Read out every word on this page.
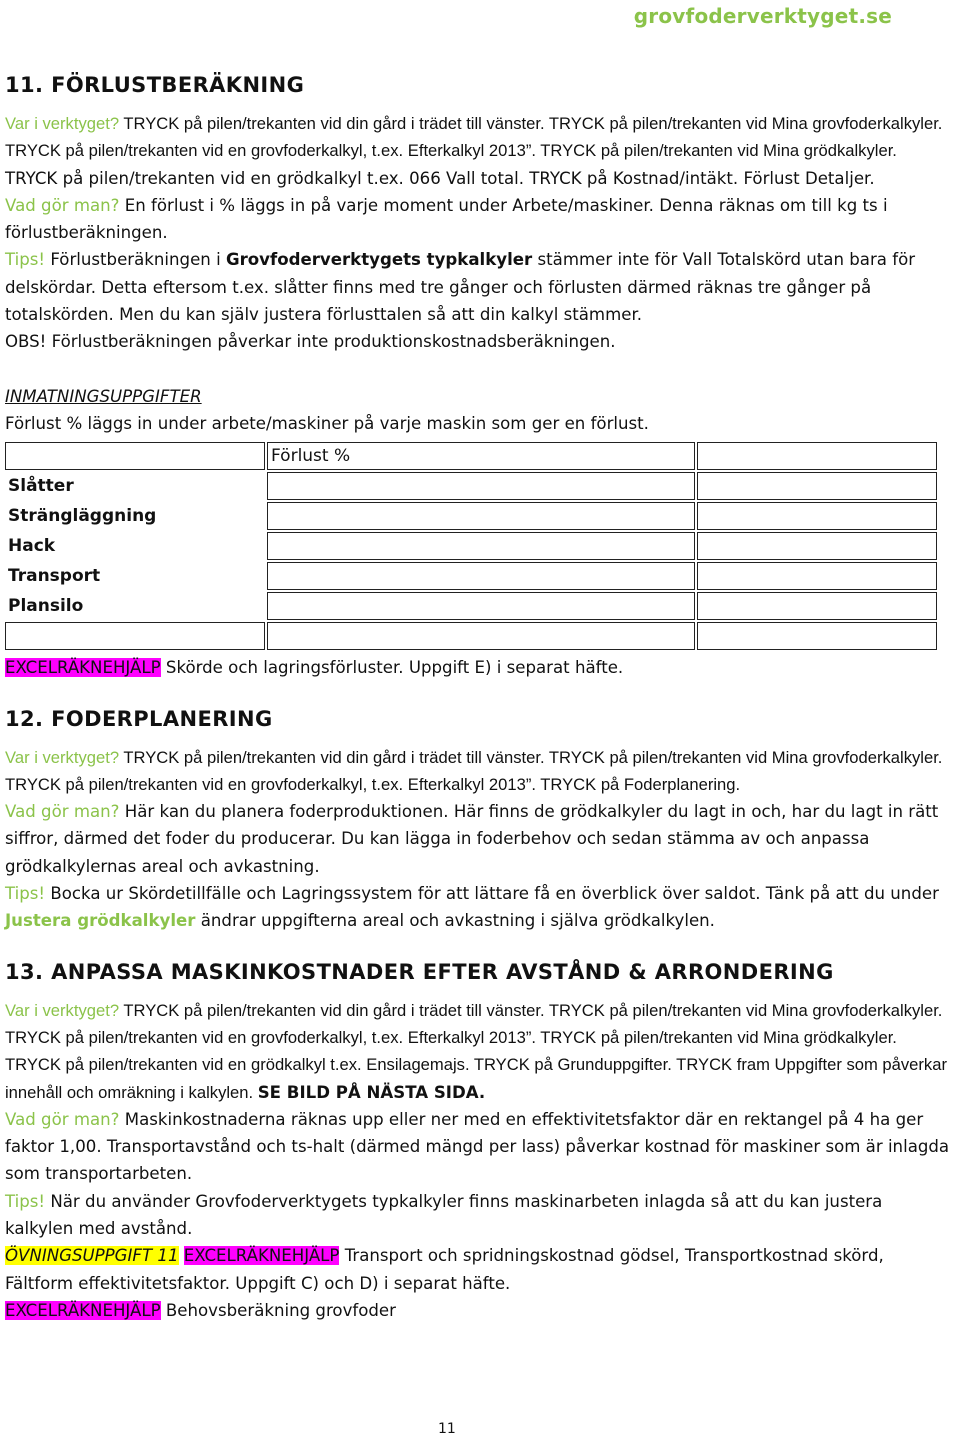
grovfoderverktyget.se
11. FÖRLUSTBERÄKNING

Var i verktyget? TRYCK på pilen/trekanten vid din gård i trädet till vänster. TRYCK på pilen/trekanten vid Mina grovfoderkalkyler. TRYCK på pilen/trekanten vid en grovfoderkalkyl, t.ex. Efterkalkyl 2013”. TRYCK på pilen/trekanten vid Mina grödkalkyler. TRYCK på pilen/trekanten vid en grödkalkyl t.ex. 066 Vall total. TRYCK på Kostnad/intäkt. Förlust Detaljer.

Vad gör man? En förlust i % läggs in på varje moment under Arbete/maskiner. Denna räknas om till kg ts i förlustberäkningen.

Tips! Förlustberäkningen i Grovfoderverktygets typkalkyler stämmer inte för Vall Totalskörd utan bara för delskördar. Detta eftersom t.ex. slåtter finns med tre gånger och förlusten därmed räknas tre gånger på totalskörden. Men du kan själv justera förlusttalen så att din kalkyl stämmer.

OBS! Förlustberäkningen påverkar inte produktionskostnadsberäkningen.

INMATNINGSUPPGIFTER

Förlust % läggs in under arbete/maskiner på varje maskin som ger en förlust.

	Förlust %	
Slåtter		
Strängläggning		
Hack		
Transport		
Plansilo		

EXCELRÄKNEHJÄLP Skörde och lagringsförluster. Uppgift E) i separat häfte.

12. FODERPLANERING

Var i verktyget? TRYCK på pilen/trekanten vid din gård i trädet till vänster. TRYCK på pilen/trekanten vid Mina grovfoderkalkyler. TRYCK på pilen/trekanten vid en grovfoderkalkyl, t.ex. Efterkalkyl 2013”. TRYCK på Foderplanering.

Vad gör man? Här kan du planera foderproduktionen. Här finns de grödkalkyler du lagt in och, har du lagt in rätt siffror, därmed det foder du producerar. Du kan lägga in foderbehov och sedan stämma av och anpassa grödkalkylernas areal och avkastning.

Tips! Bocka ur Skördetillfälle och Lagringssystem för att lättare få en överblick över saldot. Tänk på att du under Justera grödkalkyler ändrar uppgifterna areal och avkastning i själva grödkalkylen.

13. ANPASSA MASKINKOSTNADER EFTER AVSTÅND & ARRONDERING

Var i verktyget? TRYCK på pilen/trekanten vid din gård i trädet till vänster. TRYCK på pilen/trekanten vid Mina grovfoderkalkyler. TRYCK på pilen/trekanten vid en grovfoderkalkyl, t.ex. Efterkalkyl 2013”. TRYCK på pilen/trekanten vid Mina grödkalkyler. TRYCK på pilen/trekanten vid en grödkalkyl t.ex. Ensilagemajs. TRYCK på Grunduppgifter. TRYCK fram Uppgifter som påverkar innehåll och omräkning i kalkylen. SE BILD PÅ NÄSTA SIDA.

Vad gör man? Maskinkostnaderna räknas upp eller ner med en effektivitetsfaktor där en rektangel på 4 ha ger faktor 1,00. Transportavstånd och ts-halt (därmed mängd per lass) påverkar kostnad för maskiner som är inlagda som transportarbeten.

Tips! När du använder Grovfoderverktygets typkalkyler finns maskinarbeten inlagda så att du kan justera kalkylen med avstånd.

ÖVNINGSUPPGIFT 11 EXCELRÄKNEHJÄLP Transport och spridningskostnad gödsel, Transportkostnad skörd, Fältform effektivitetsfaktor. Uppgift C) och D) i separat häfte.

EXCELRÄKNEHJÄLP Behovsberäkning grovfoder

11
